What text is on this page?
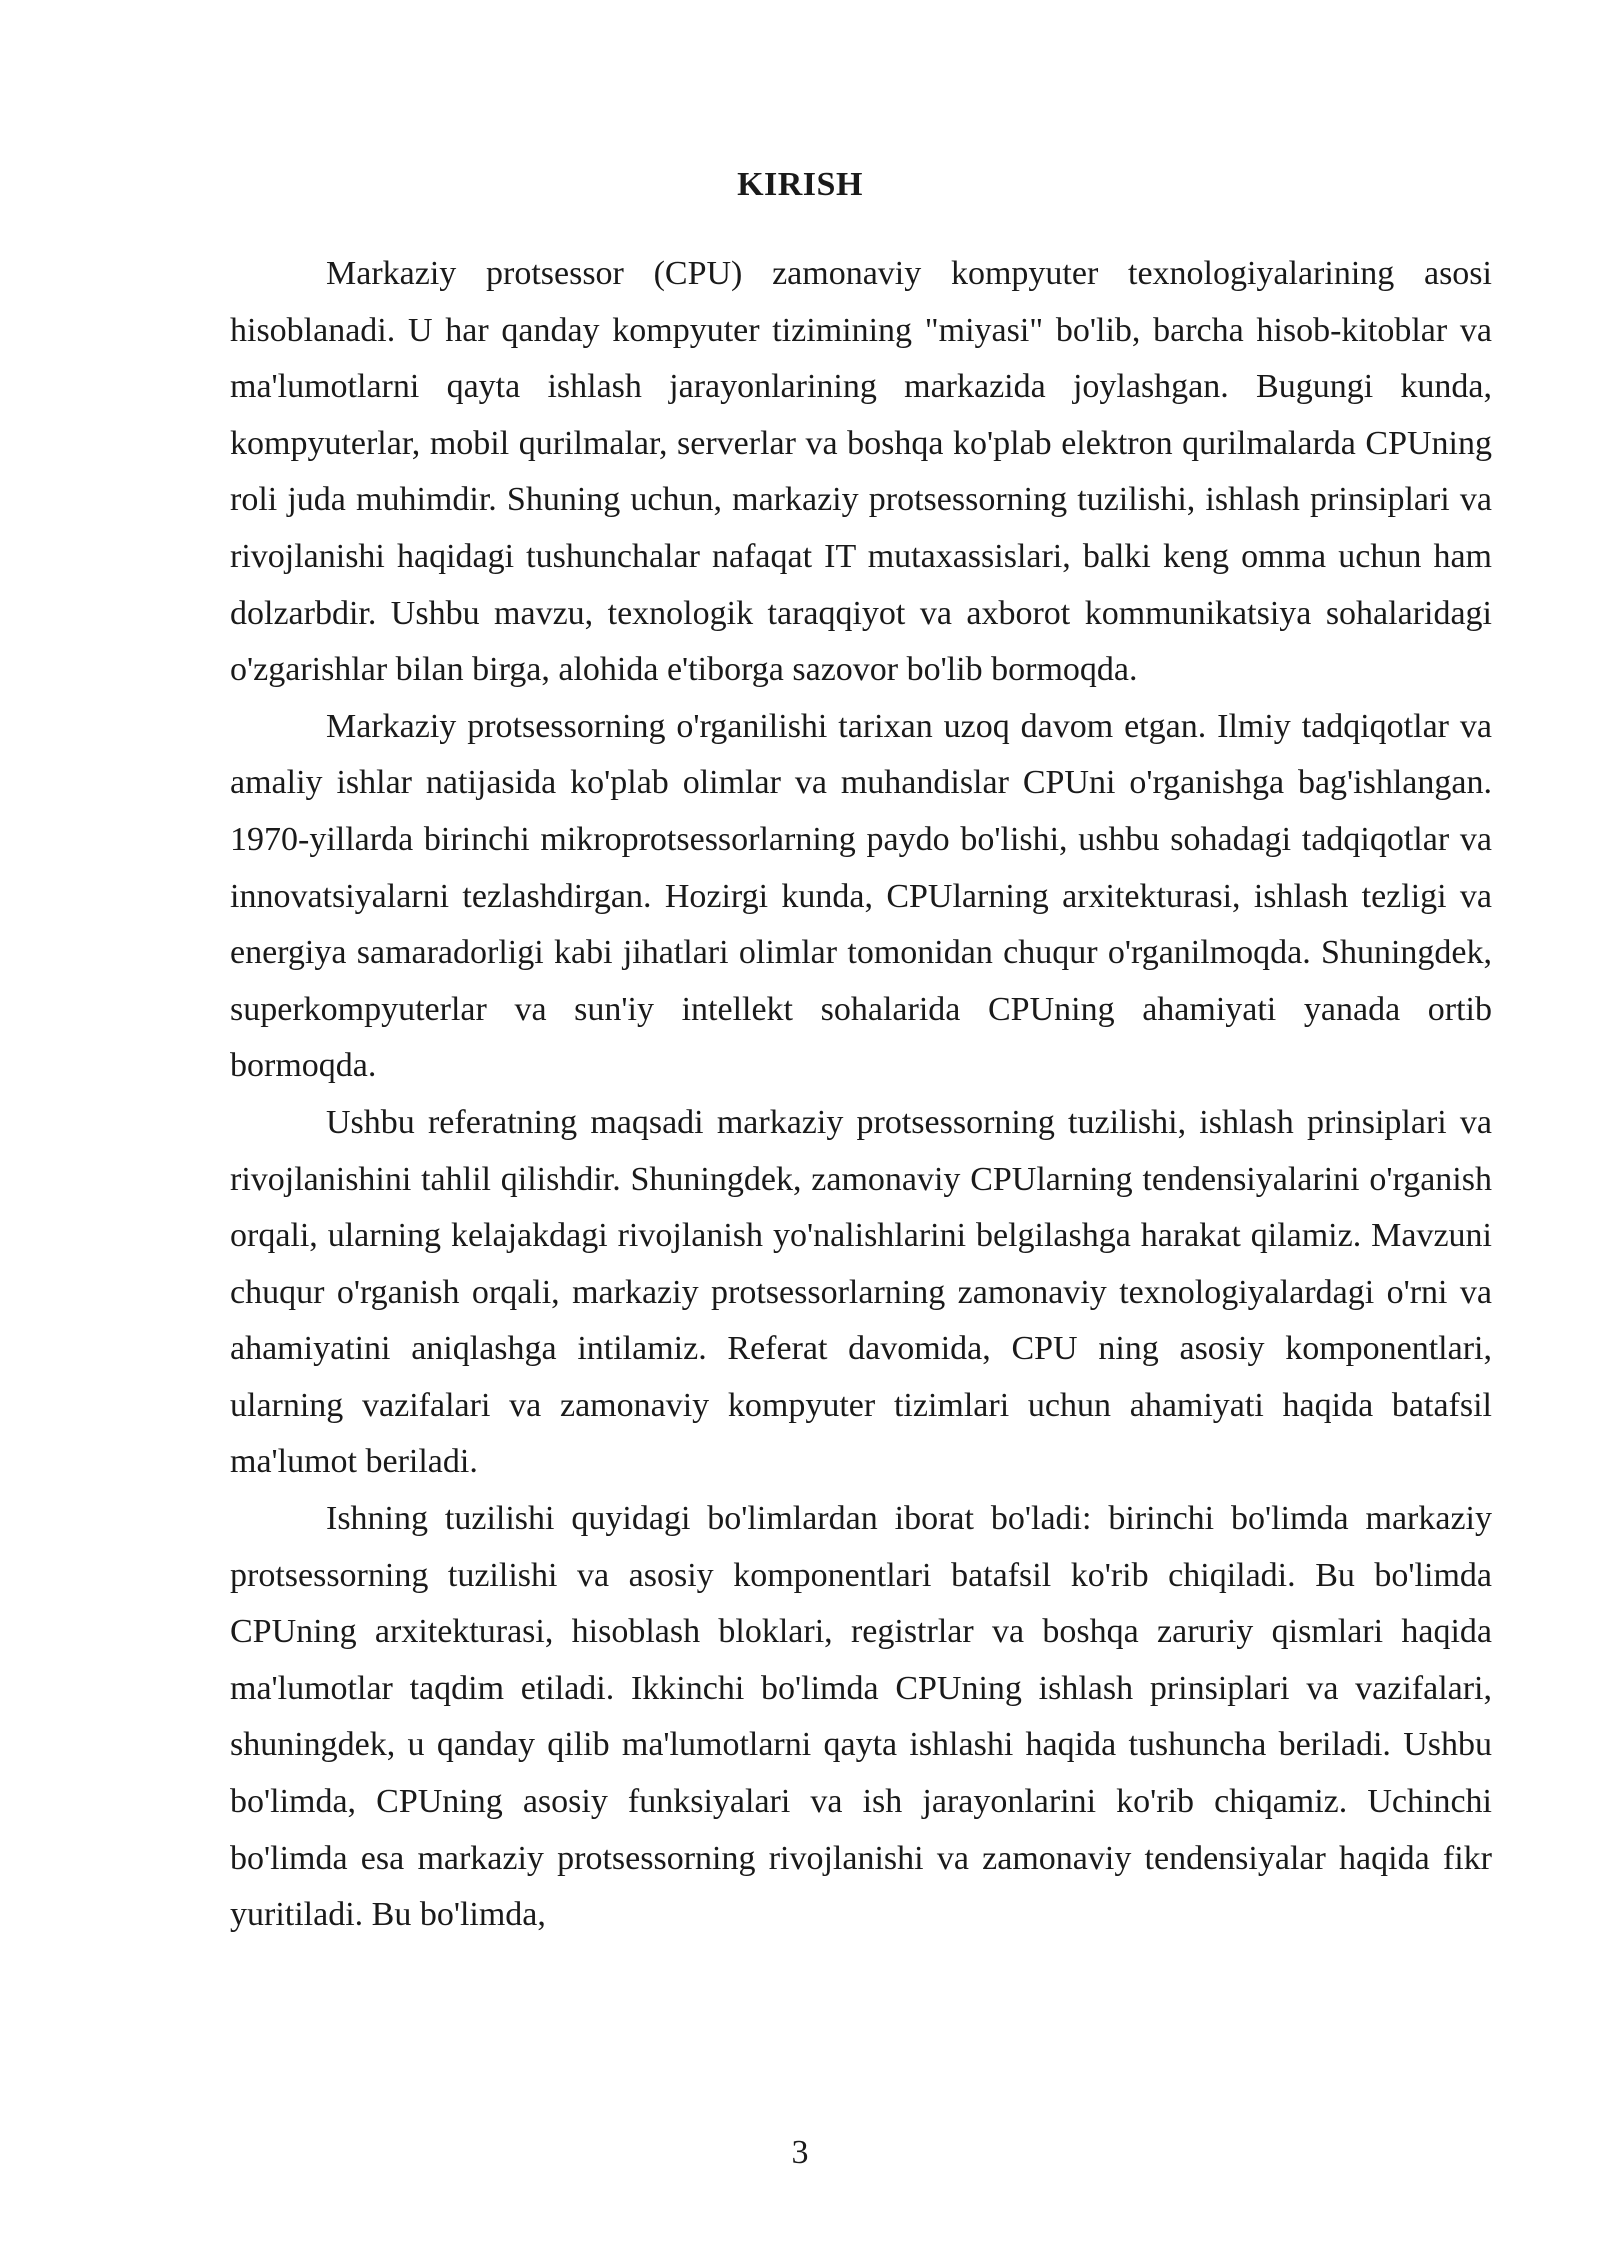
KIRISH

Markaziy protsessor (CPU) zamonaviy kompyuter texnologiyalarining asosi hisoblanadi. U har qanday kompyuter tizimining "miyasi" bo'lib, barcha hisob-kitoblar va ma'lumotlarni qayta ishlash jarayonlarining markazida joylashgan. Bugungi kunda, kompyuterlar, mobil qurilmalar, serverlar va boshqa ko'plab elektron qurilmalarda CPUning roli juda muhimdir. Shuning uchun, markaziy protsessorning tuzilishi, ishlash prinsiplari va rivojlanishi haqidagi tushunchalar nafaqat IT mutaxassislari, balki keng omma uchun ham dolzarbdir. Ushbu mavzu, texnologik taraqqiyot va axborot kommunikatsiya sohalaridagi o'zgarishlar bilan birga, alohida e'tiborga sazovor bo'lib bormoqda.

Markaziy protsessorning o'rganilishi tarixan uzoq davom etgan. Ilmiy tadqiqotlar va amaliy ishlar natijasida ko'plab olimlar va muhandislar CPUni o'rganishga bag'ishlangan. 1970-yillarda birinchi mikroprotsessorlarning paydo bo'lishi, ushbu sohadagi tadqiqotlar va innovatsiyalarni tezlashdirgan. Hozirgi kunda, CPUlarning arxitekturasi, ishlash tezligi va energiya samaradorligi kabi jihatlari olimlar tomonidan chuqur o'rganilmoqda. Shuningdek, superkompyuterlar va sun'iy intellekt sohalarida CPUning ahamiyati yanada ortib bormoqda.

Ushbu referatning maqsadi markaziy protsessorning tuzilishi, ishlash prinsiplari va rivojlanishini tahlil qilishdir. Shuningdek, zamonaviy CPUlarning tendensiyalarini o'rganish orqali, ularning kelajakdagi rivojlanish yo'nalishlarini belgilashga harakat qilamiz. Mavzuni chuqur o'rganish orqali, markaziy protsessorlarning zamonaviy texnologiyalardagi o'rni va ahamiyatini aniqlashga intilamiz. Referat davomida, CPU ning asosiy komponentlari, ularning vazifalari va zamonaviy kompyuter tizimlari uchun ahamiyati haqida batafsil ma'lumot beriladi.

Ishning tuzilishi quyidagi bo'limlardan iborat bo'ladi: birinchi bo'limda markaziy protsessorning tuzilishi va asosiy komponentlari batafsil ko'rib chiqiladi. Bu bo'limda CPUning arxitekturasi, hisoblash bloklari, registrlar va boshqa zaruriy qismlari haqida ma'lumotlar taqdim etiladi. Ikkinchi bo'limda CPUning ishlash prinsiplari va vazifalari, shuningdek, u qanday qilib ma'lumotlarni qayta ishlashi haqida tushuncha beriladi. Ushbu bo'limda, CPUning asosiy funksiyalari va ish jarayonlarini ko'rib chiqamiz. Uchinchi bo'limda esa markaziy protsessorning rivojlanishi va zamonaviy tendensiyalar haqida fikr yuritiladi. Bu bo'limda,

3
